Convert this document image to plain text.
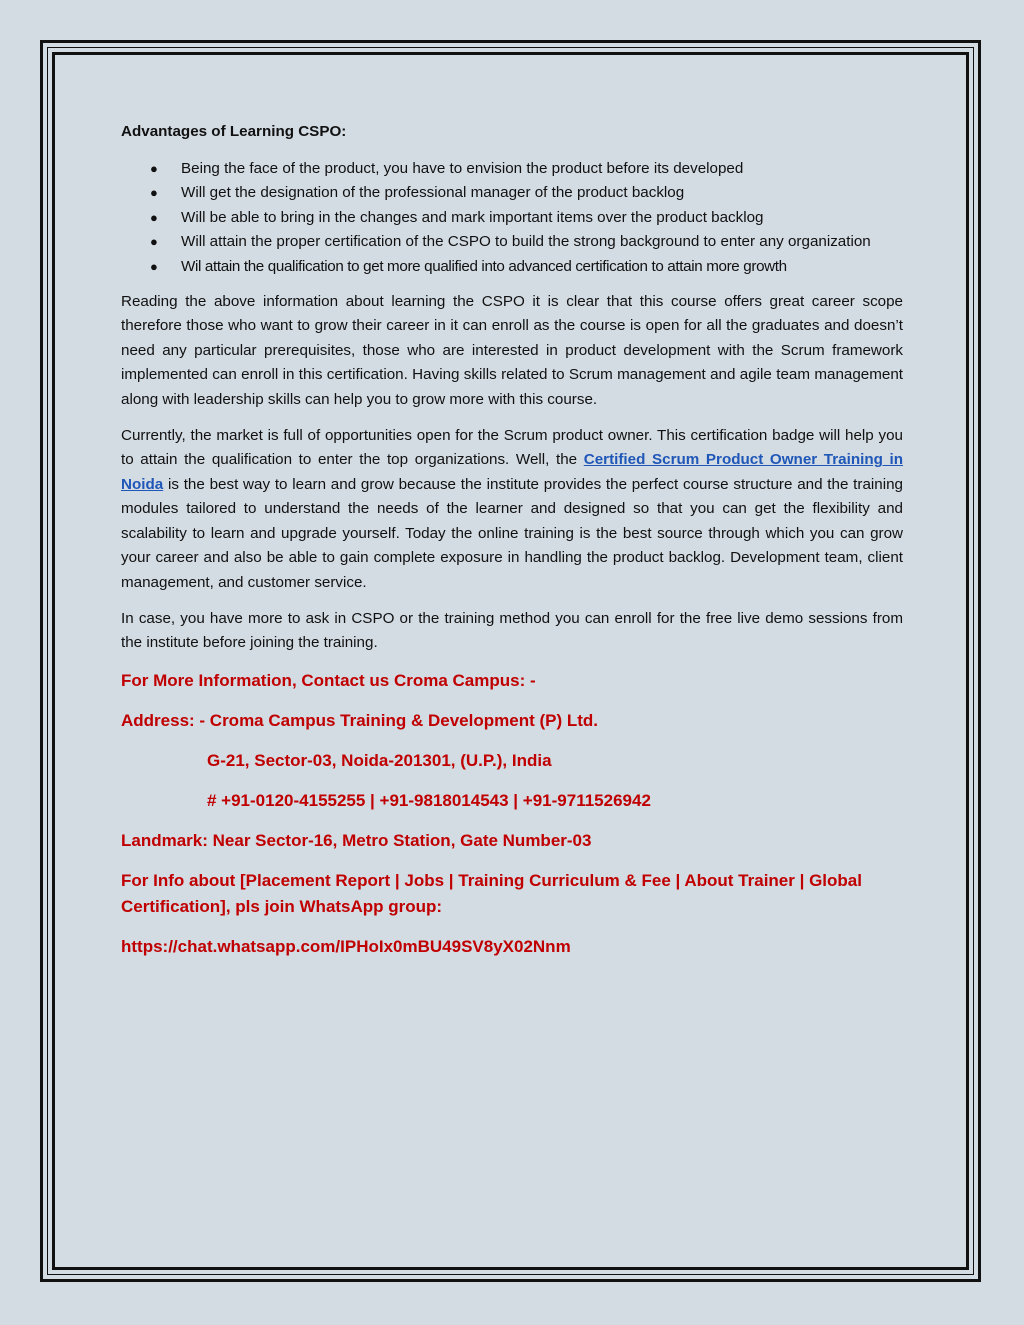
Advantages of Learning CSPO:
● Being the face of the product, you have to envision the product before its developed
● Will get the designation of the professional manager of the product backlog
● Will be able to bring in the changes and mark important items over the product backlog
● Will attain the proper certification of the CSPO to build the strong background to enter any organization
● Wil attain the qualification to get more qualified into advanced certification to attain more growth

Reading the above information about learning the CSPO it is clear that this course offers great career scope therefore those who want to grow their career in it can enroll as the course is open for all the graduates and doesn’t need any particular prerequisites, those who are interested in product development with the Scrum framework implemented can enroll in this certification. Having skills related to Scrum management and agile team management along with leadership skills can help you to grow more with this course.

Currently, the market is full of opportunities open for the Scrum product owner. This certification badge will help you to attain the qualification to enter the top organizations. Well, the Certified Scrum Product Owner Training in Noida is the best way to learn and grow because the institute provides the perfect course structure and the training modules tailored to understand the needs of the learner and designed so that you can get the flexibility and scalability to learn and upgrade yourself. Today the online training is the best source through which you can grow your career and also be able to gain complete exposure in handling the product backlog. Development team, client management, and customer service.

In case, you have more to ask in CSPO or the training method you can enroll for the free live demo sessions from the institute before joining the training.

For More Information, Contact us Croma Campus: -

Address: - Croma Campus Training & Development (P) Ltd.

G-21, Sector-03, Noida-201301, (U.P.), India

# +91-0120-4155255 | +91-9818014543 | +91-9711526942

Landmark: Near Sector-16, Metro Station, Gate Number-03

For Info about [Placement Report | Jobs | Training Curriculum & Fee | About Trainer | Global Certification], pls join WhatsApp group:

https://chat.whatsapp.com/IPHoIx0mBU49SV8yX02Nnm
